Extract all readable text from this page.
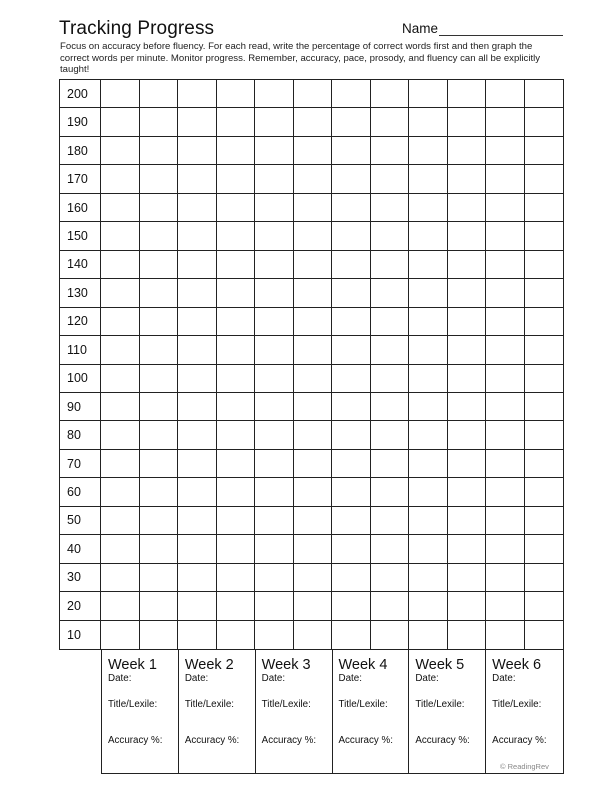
Tracking Progress	Name
Focus on accuracy before fluency. For each read, write the percentage of correct words first and then graph the correct words per minute. Monitor progress. Remember, accuracy, pace, prosody, and fluency can all be explicitly taught!
200
190
180
170
160
150
140
130
120
110
100
90
80
70
60
50
40
30
20
10
Week 1
Date:
Title/Lexile:
Accuracy %:
Week 2
Date:
Title/Lexile:
Accuracy %:
Week 3
Date:
Title/Lexile:
Accuracy %:
Week 4
Date:
Title/Lexile:
Accuracy %:
Week 5
Date:
Title/Lexile:
Accuracy %:
Week 6
Date:
Title/Lexile:
Accuracy %:
© ReadingRev
